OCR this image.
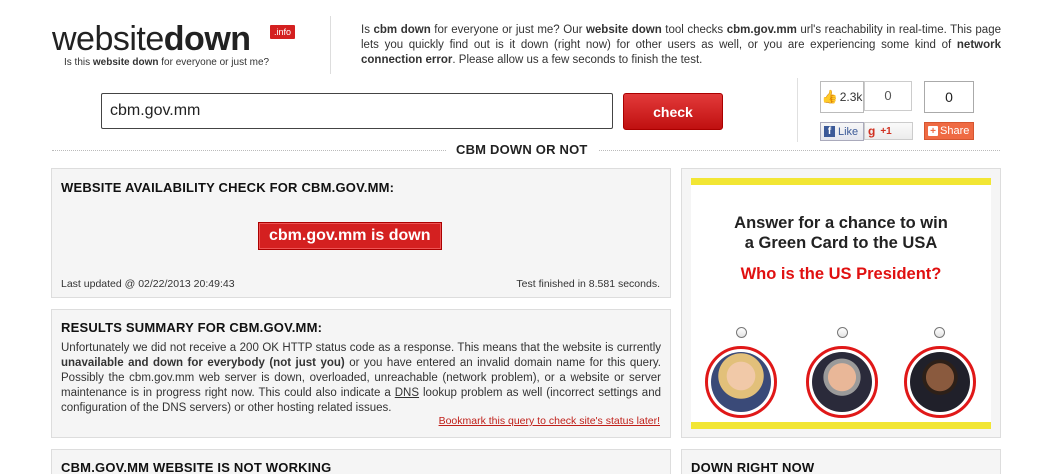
websitedown	.info
Is this website down for everyone or just me?

Is cbm down for everyone or just me? Our website down tool checks cbm.gov.mm url's reachability in real-time. This page lets you quickly find out is it down (right now) for other users as well, or you are experiencing some kind of network connection error. Please allow us a few seconds to finish the test.

cbm.gov.mm
check
👍 2.3k
f Like
0
g +1
0
+ Share
CBM DOWN OR NOT
WEBSITE AVAILABILITY CHECK FOR CBM.GOV.MM:
cbm.gov.mm is down
Last updated @ 02/22/2013 20:49:43	Test finished in 8.581 seconds.
RESULTS SUMMARY FOR CBM.GOV.MM:

Unfortunately we did not receive a 200 OK HTTP status code as a response. This means that the website is currently unavailable and down for everybody (not just you) or you have entered an invalid domain name for this query. Possibly the cbm.gov.mm web server is down, overloaded, unreachable (network problem), or a website or server maintenance is in progress right now. This could also indicate a DNS lookup problem as well (incorrect settings and configuration of the DNS servers) or other hosting related issues.

Bookmark this query to check site's status later!
Answer for a chance to win
a Green Card to the USA
Who is the US President?
CBM.GOV.MM WEBSITE IS NOT WORKING	DOWN RIGHT NOW
